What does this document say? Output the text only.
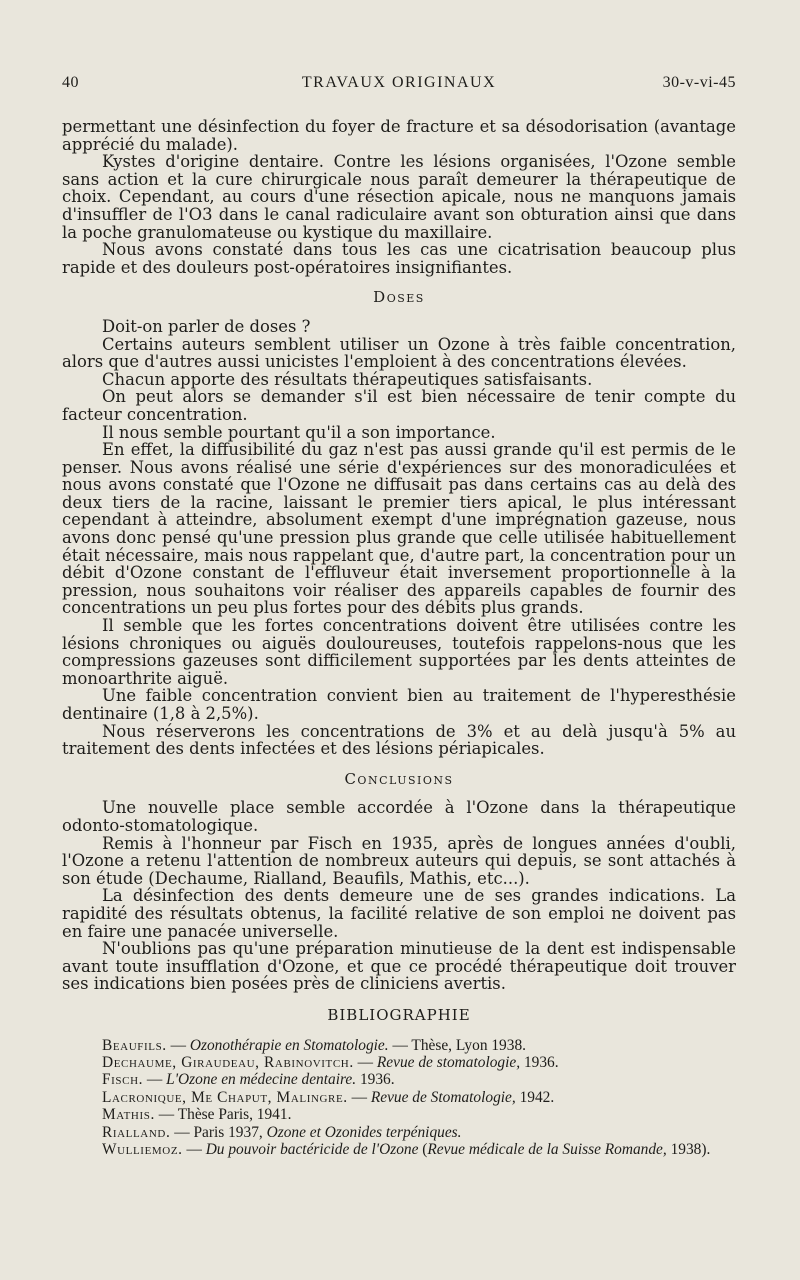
40	TRAVAUX ORIGINAUX	30-v-vi-45

permettant une désinfection du foyer de fracture et sa désodorisation (avantage apprécié du malade).

Kystes d'origine dentaire. Contre les lésions organisées, l'Ozone semble sans action et la cure chirurgicale nous paraît demeurer la thérapeutique de choix. Cependant, au cours d'une résection apicale, nous ne manquons jamais d'insuffler de l'O3 dans le canal radiculaire avant son obturation ainsi que dans la poche granulomateuse ou kystique du maxillaire.

Nous avons constaté dans tous les cas une cicatrisation beaucoup plus rapide et des douleurs post-opératoires insignifiantes.

Doses

Doit-on parler de doses ?

Certains auteurs semblent utiliser un Ozone à très faible concentration, alors que d'autres aussi unicistes l'emploient à des concentrations élevées.

Chacun apporte des résultats thérapeutiques satisfaisants.

On peut alors se demander s'il est bien nécessaire de tenir compte du facteur concentration.

Il nous semble pourtant qu'il a son importance.

En effet, la diffusibilité du gaz n'est pas aussi grande qu'il est permis de le penser. Nous avons réalisé une série d'expériences sur des monoradiculées et nous avons constaté que l'Ozone ne diffusait pas dans certains cas au delà des deux tiers de la racine, laissant le premier tiers apical, le plus intéressant cependant à atteindre, absolument exempt d'une imprégnation gazeuse, nous avons donc pensé qu'une pression plus grande que celle utilisée habituellement était nécessaire, mais nous rappelant que, d'autre part, la concentration pour un débit d'Ozone constant de l'effluveur était inversement proportionnelle à la pression, nous souhaitons voir réaliser des appareils capables de fournir des concentrations un peu plus fortes pour des débits plus grands.

Il semble que les fortes concentrations doivent être utilisées contre les lésions chroniques ou aiguës douloureuses, toutefois rappelons-nous que les compressions gazeuses sont difficilement supportées par les dents atteintes de monoarthrite aiguë.

Une faible concentration convient bien au traitement de l'hyperesthésie dentinaire (1,8 à 2,5%).

Nous réserverons les concentrations de 3% et au delà jusqu'à 5% au traitement des dents infectées et des lésions périapicales.

Conclusions

Une nouvelle place semble accordée à l'Ozone dans la thérapeutique odonto-stomatologique.

Remis à l'honneur par Fisch en 1935, après de longues années d'oubli, l'Ozone a retenu l'attention de nombreux auteurs qui depuis, se sont attachés à son étude (Dechaume, Rialland, Beaufils, Mathis, etc...).

La désinfection des dents demeure une de ses grandes indications. La rapidité des résultats obtenus, la facilité relative de son emploi ne doivent pas en faire une panacée universelle.

N'oublions pas qu'une préparation minutieuse de la dent est indispensable avant toute insufflation d'Ozone, et que ce procédé thérapeutique doit trouver ses indications bien posées près de cliniciens avertis.

BIBLIOGRAPHIE

Beaufils. — Ozonothérapie en Stomatologie. — Thèse, Lyon 1938.

Dechaume, Giraudeau, Rabinovitch. — Revue de stomatologie, 1936.

Fisch. — L'Ozone en médecine dentaire. 1936.

Lacronique, Me Chaput, Malingre. — Revue de Stomatologie, 1942.

Mathis. — Thèse Paris, 1941.

Rialland. — Paris 1937, Ozone et Ozonides terpéniques.

Wulliemoz. — Du pouvoir bactéricide de l'Ozone (Revue médicale de la Suisse Romande, 1938).
